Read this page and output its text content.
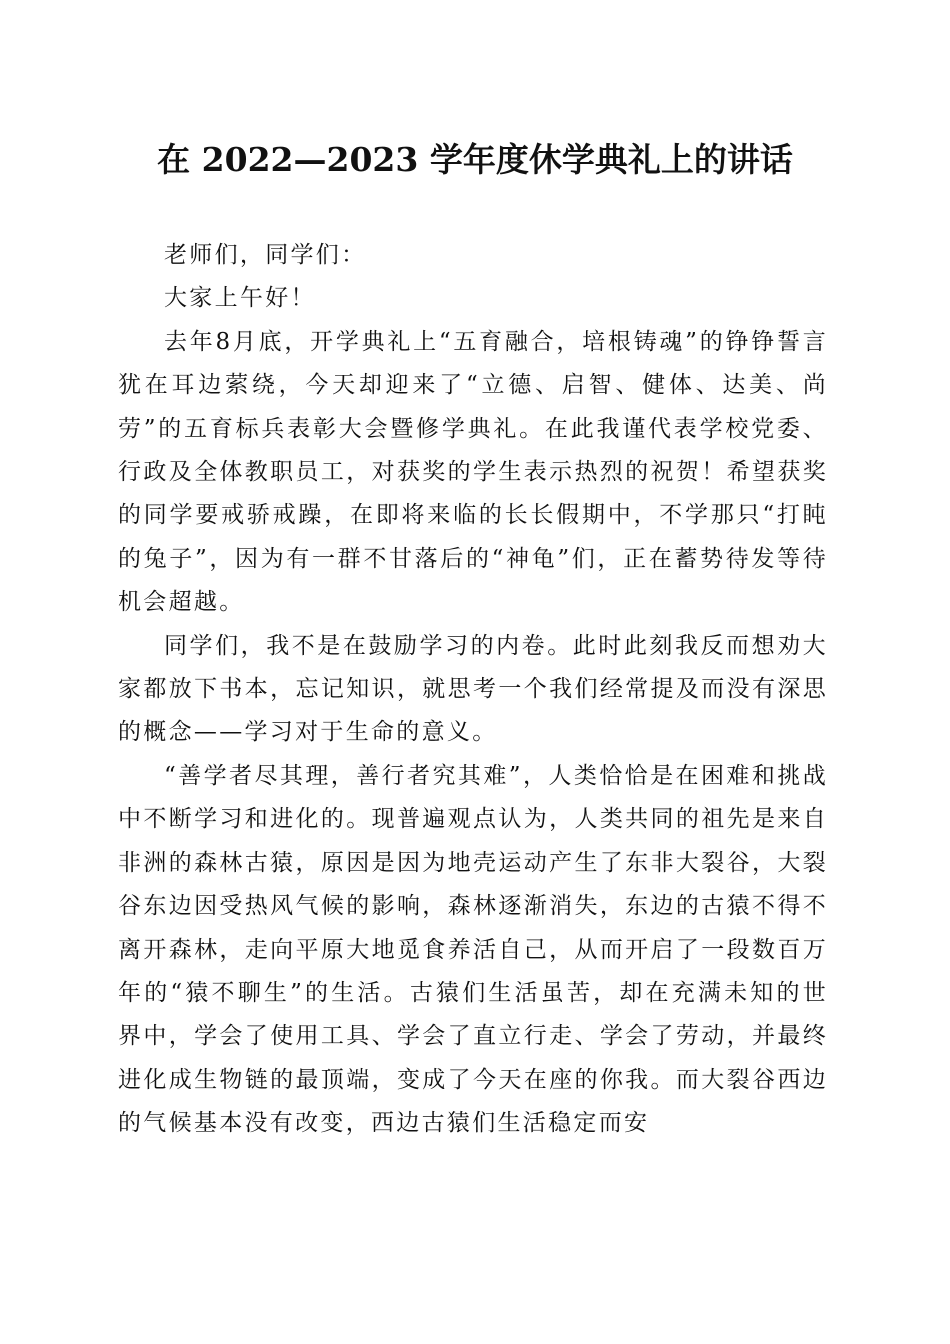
在 2022—2023 学年度休学典礼上的讲话

老师们，同学们：

大家上午好！

去年8月底，开学典礼上“五育融合，培根铸魂”的铮铮誓言犹在耳边萦绕，今天却迎来了“立德、启智、健体、达美、尚劳”的五育标兵表彰大会暨修学典礼。在此我谨代表学校党委、行政及全体教职员工，对获奖的学生表示热烈的祝贺！希望获奖的同学要戒骄戒躁，在即将来临的长长假期中，不学那只“打盹的兔子”，因为有一群不甘落后的“神龟”们，正在蓄势待发等待机会超越。

同学们，我不是在鼓励学习的内卷。此时此刻我反而想劝大家都放下书本，忘记知识，就思考一个我们经常提及而没有深思的概念——学习对于生命的意义。

“善学者尽其理，善行者究其难”，人类恰恰是在困难和挑战中不断学习和进化的。现普遍观点认为，人类共同的祖先是来自非洲的森林古猿，原因是因为地壳运动产生了东非大裂谷，大裂谷东边因受热风气候的影响，森林逐渐消失，东边的古猿不得不离开森林，走向平原大地觅食养活自己，从而开启了一段数百万年的“猿不聊生”的生活。古猿们生活虽苦，却在充满未知的世界中，学会了使用工具、学会了直立行走、学会了劳动，并最终进化成生物链的最顶端，变成了今天在座的你我。而大裂谷西边的气候基本没有改变，西边古猿们生活稳定而安
